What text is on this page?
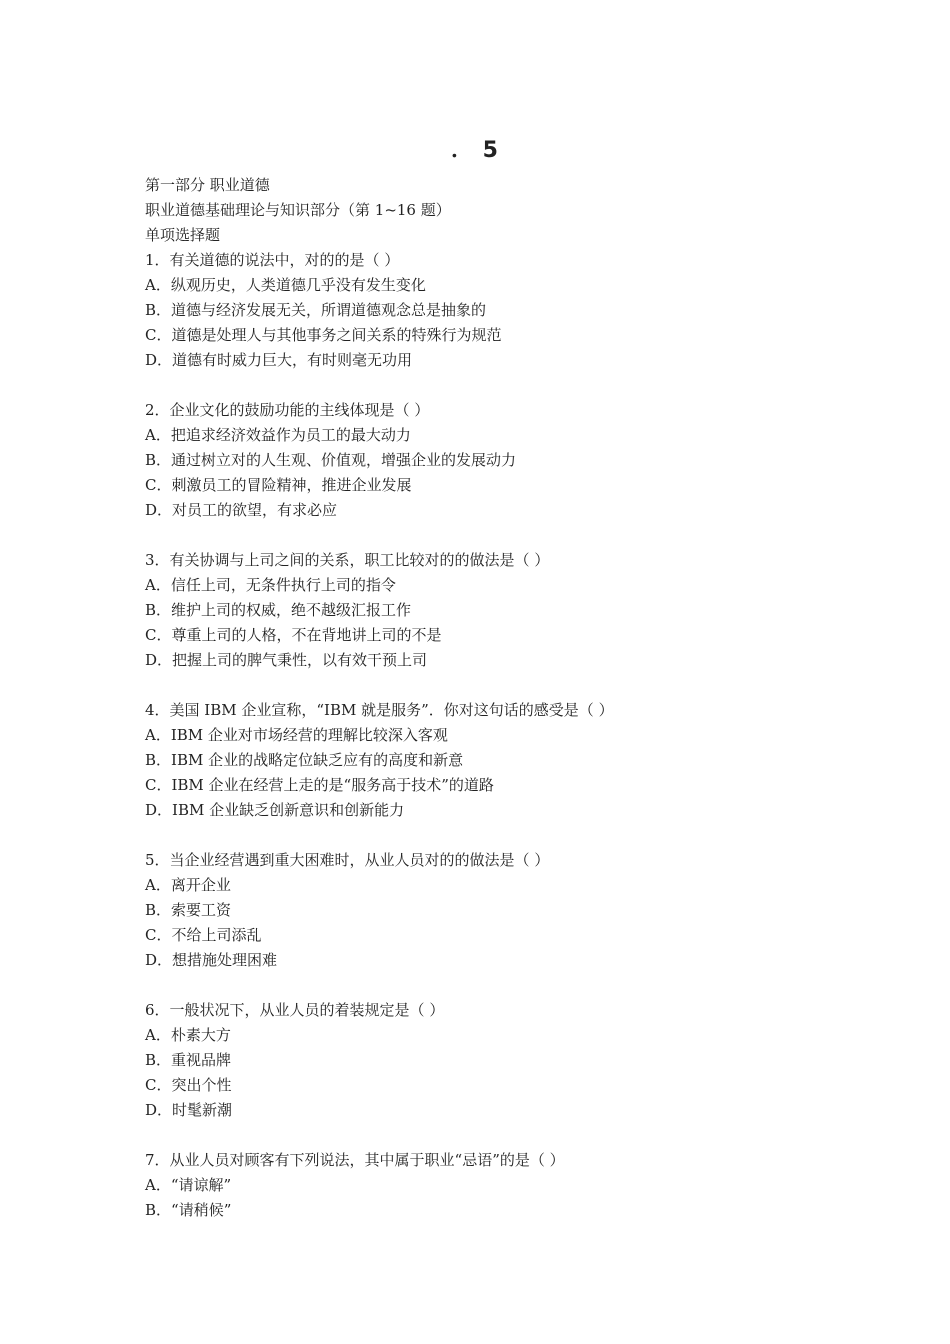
． 5
第一部分 职业道德
职业道德基础理论与知识部分（第 1~16 题）
单项选择题
1．有关道德的说法中，对的的是（ ）
A．纵观历史，人类道德几乎没有发生变化
B．道德与经济发展无关，所谓道德观念总是抽象的
C．道德是处理人与其他事务之间关系的特殊行为规范
D．道德有时威力巨大，有时则毫无功用
2．企业文化的鼓励功能的主线体现是（ ）
A．把追求经济效益作为员工的最大动力
B．通过树立对的人生观、价值观，增强企业的发展动力
C．刺激员工的冒险精神，推进企业发展
D．对员工的欲望，有求必应
3．有关协调与上司之间的关系，职工比较对的的做法是（ ）
A．信任上司，无条件执行上司的指令
B．维护上司的权威，绝不越级汇报工作
C．尊重上司的人格，不在背地讲上司的不是
D．把握上司的脾气秉性，以有效干预上司
4．美国 IBM 企业宣称，“IBM 就是服务”．你对这句话的感受是（ ）
A．IBM 企业对市场经营的理解比较深入客观
B．IBM 企业的战略定位缺乏应有的高度和新意
C．IBM 企业在经营上走的是“服务高于技术”的道路
D．IBM 企业缺乏创新意识和创新能力
5．当企业经营遇到重大困难时，从业人员对的的做法是（ ）
A．离开企业
B．索要工资
C．不给上司添乱
D．想措施处理困难
6．一般状况下，从业人员的着装规定是（ ）
A．朴素大方
B．重视品牌
C．突出个性
D．时髦新潮
7．从业人员对顾客有下列说法，其中属于职业“忌语”的是（ ）
A．“请谅解”
B．“请稍候”
